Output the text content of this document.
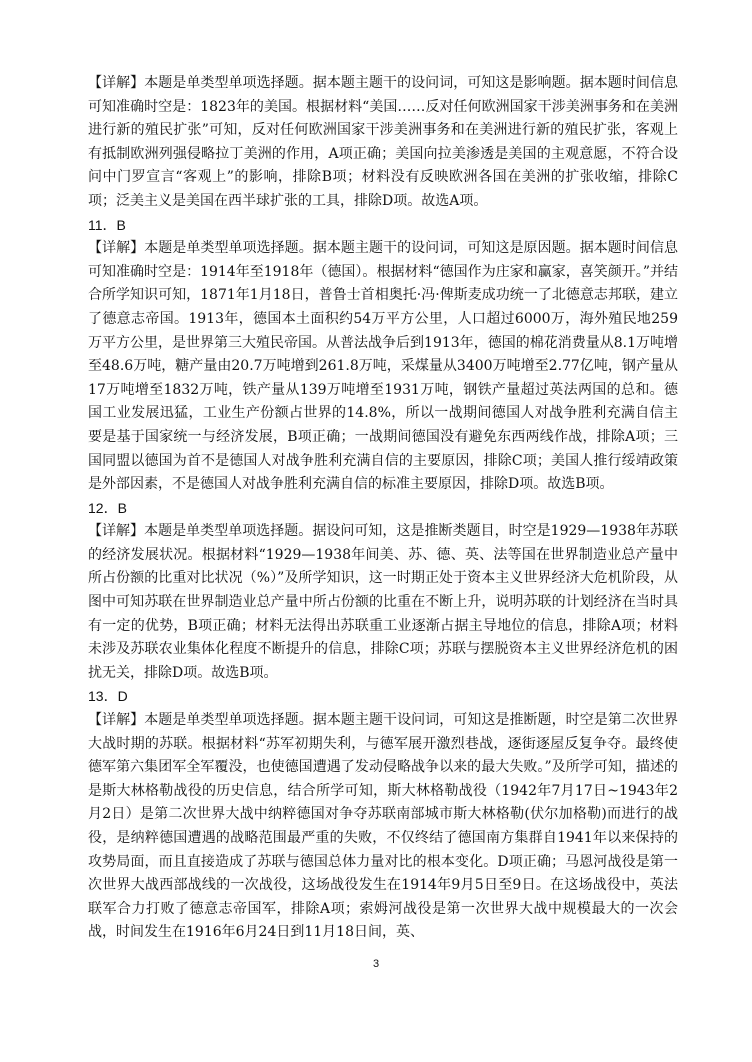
【详解】本题是单类型单项选择题。据本题主题干的设问词，可知这是影响题。据本题时间信息可知准确时空是：1823年的美国。根据材料“美国……反对任何欧洲国家干涉美洲事务和在美洲进行新的殖民扩张”可知，反对任何欧洲国家干涉美洲事务和在美洲进行新的殖民扩张，客观上有抵制欧洲列强侵略拉丁美洲的作用，A项正确；美国向拉美渗透是美国的主观意愿，不符合设问中门罗宣言“客观上”的影响，排除B项；材料没有反映欧洲各国在美洲的扩张收缩，排除C项；泛美主义是美国在西半球扩张的工具，排除D项。故选A项。

11．B

【详解】本题是单类型单项选择题。据本题主题干的设问词，可知这是原因题。据本题时间信息可知准确时空是：1914年至1918年（德国）。根据材料“德国作为庄家和赢家，喜笑颜开。”并结合所学知识可知，1871年1月18日，普鲁士首相奥托·冯·俾斯麦成功统一了北德意志邦联，建立了德意志帝国。1913年，德国本土面积约54万平方公里，人口超过6000万，海外殖民地259万平方公里，是世界第三大殖民帝国。从普法战争后到1913年，德国的棉花消费量从8.1万吨增至48.6万吨，糖产量由20.7万吨增到261.8万吨，采煤量从3400万吨增至2.77亿吨，钢产量从17万吨增至1832万吨，铁产量从139万吨增至1931万吨，钢铁产量超过英法两国的总和。德国工业发展迅猛，工业生产份额占世界的14.8%，所以一战期间德国人对战争胜利充满自信主要是基于国家统一与经济发展，B项正确；一战期间德国没有避免东西两线作战，排除A项；三国同盟以德国为首不是德国人对战争胜利充满自信的主要原因，排除C项；美国人推行绥靖政策是外部因素，不是德国人对战争胜利充满自信的标准主要原因，排除D项。故选B项。

12．B

【详解】本题是单类型单项选择题。据设问可知，这是推断类题目，时空是1929—1938年苏联的经济发展状况。根据材料“1929—1938年间美、苏、德、英、法等国在世界制造业总产量中所占份额的比重对比状况（%）”及所学知识，这一时期正处于资本主义世界经济大危机阶段，从图中可知苏联在世界制造业总产量中所占份额的比重在不断上升，说明苏联的计划经济在当时具有一定的优势，B项正确；材料无法得出苏联重工业逐渐占据主导地位的信息，排除A项；材料未涉及苏联农业集体化程度不断提升的信息，排除C项；苏联与摆脱资本主义世界经济危机的困扰无关，排除D项。故选B项。

13．D

【详解】本题是单类型单项选择题。据本题主题干设问词，可知这是推断题，时空是第二次世界大战时期的苏联。根据材料“苏军初期失利，与德军展开激烈巷战，逐街逐屋反复争夺。最终使德军第六集团军全军覆没，也使德国遭遇了发动侵略战争以来的最大失败。”及所学可知，描述的是斯大林格勒战役的历史信息，结合所学可知，斯大林格勒战役（1942年7月17日~1943年2月2日）是第二次世界大战中纳粹德国对争夺苏联南部城市斯大林格勒(伏尔加格勒)而进行的战役，是纳粹德国遭遇的战略范围最严重的失败，不仅终结了德国南方集群自1941年以来保持的攻势局面，而且直接造成了苏联与德国总体力量对比的根本变化。D项正确；马恩河战役是第一次世界大战西部战线的一次战役，这场战役发生在1914年9月5日至9日。在这场战役中，英法联军合力打败了德意志帝国军，排除A项；索姆河战役是第一次世界大战中规模最大的一次会战，时间发生在1916年6月24日到11月18日间，英、

3
